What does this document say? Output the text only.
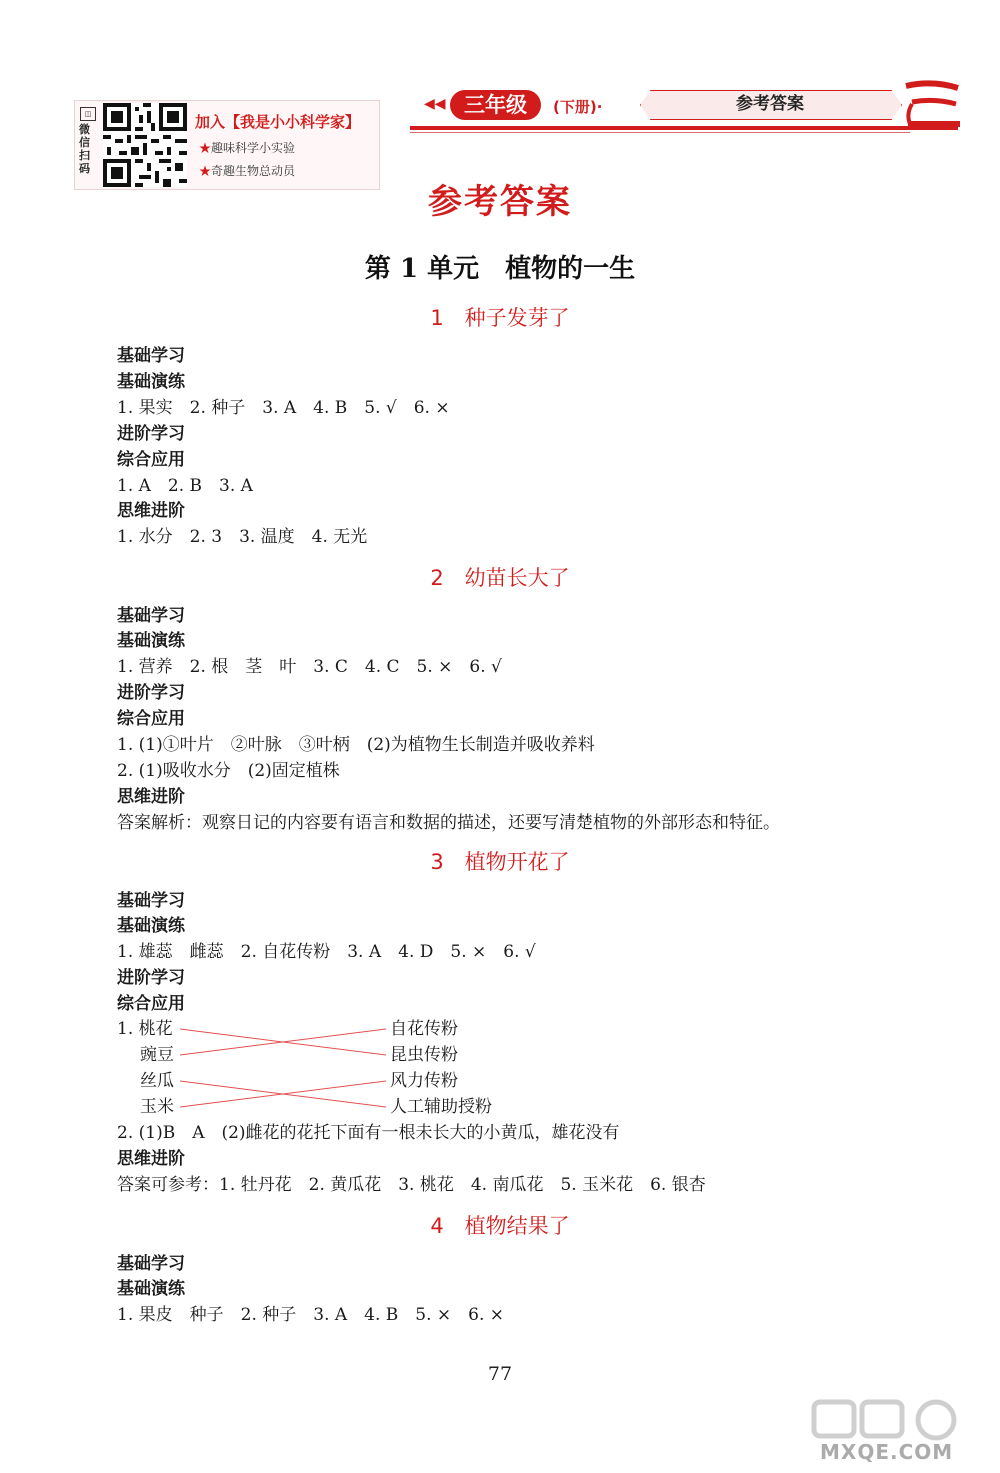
◫
微信扫码
加入【我是小小科学家】
★趣味科学小实验
★奇趣生物总动员
◀◀ 三年级	(下册)·	参考答案
参考答案
第 1 单元　植物的一生
1　种子发芽了
基础学习
基础演练
1. 果实　2. 种子　3. A　4. B　5. √　6. ×
进阶学习
综合应用
1. A　2. B　3. A
思维进阶
1. 水分　2. 3　3. 温度　4. 无光
2　幼苗长大了
基础学习
基础演练
1. 营养　2. 根　茎　叶　3. C　4. C　5. ×　6. √
进阶学习
综合应用
1. (1)①叶片　②叶脉　③叶柄　(2)为植物生长制造并吸收养料
2. (1)吸收水分　(2)固定植株
思维进阶
答案解析：观察日记的内容要有语言和数据的描述，还要写清楚植物的外部形态和特征。
3　植物开花了
基础学习
基础演练
1. 雄蕊　雌蕊　2. 自花传粉　3. A　4. D　5. ×　6. √
进阶学习
综合应用
1. 桃花
豌豆
丝瓜
玉米
自花传粉
昆虫传粉
风力传粉
人工辅助授粉
2. (1)B　A　(2)雌花的花托下面有一根未长大的小黄瓜，雄花没有
思维进阶
答案可参考：1. 牡丹花　2. 黄瓜花　3. 桃花　4. 南瓜花　5. 玉米花　6. 银杏
4　植物结果了
基础学习
基础演练
1. 果皮　种子　2. 种子　3. A　4. B　5. ×　6. ×
77
MXQE.COM
